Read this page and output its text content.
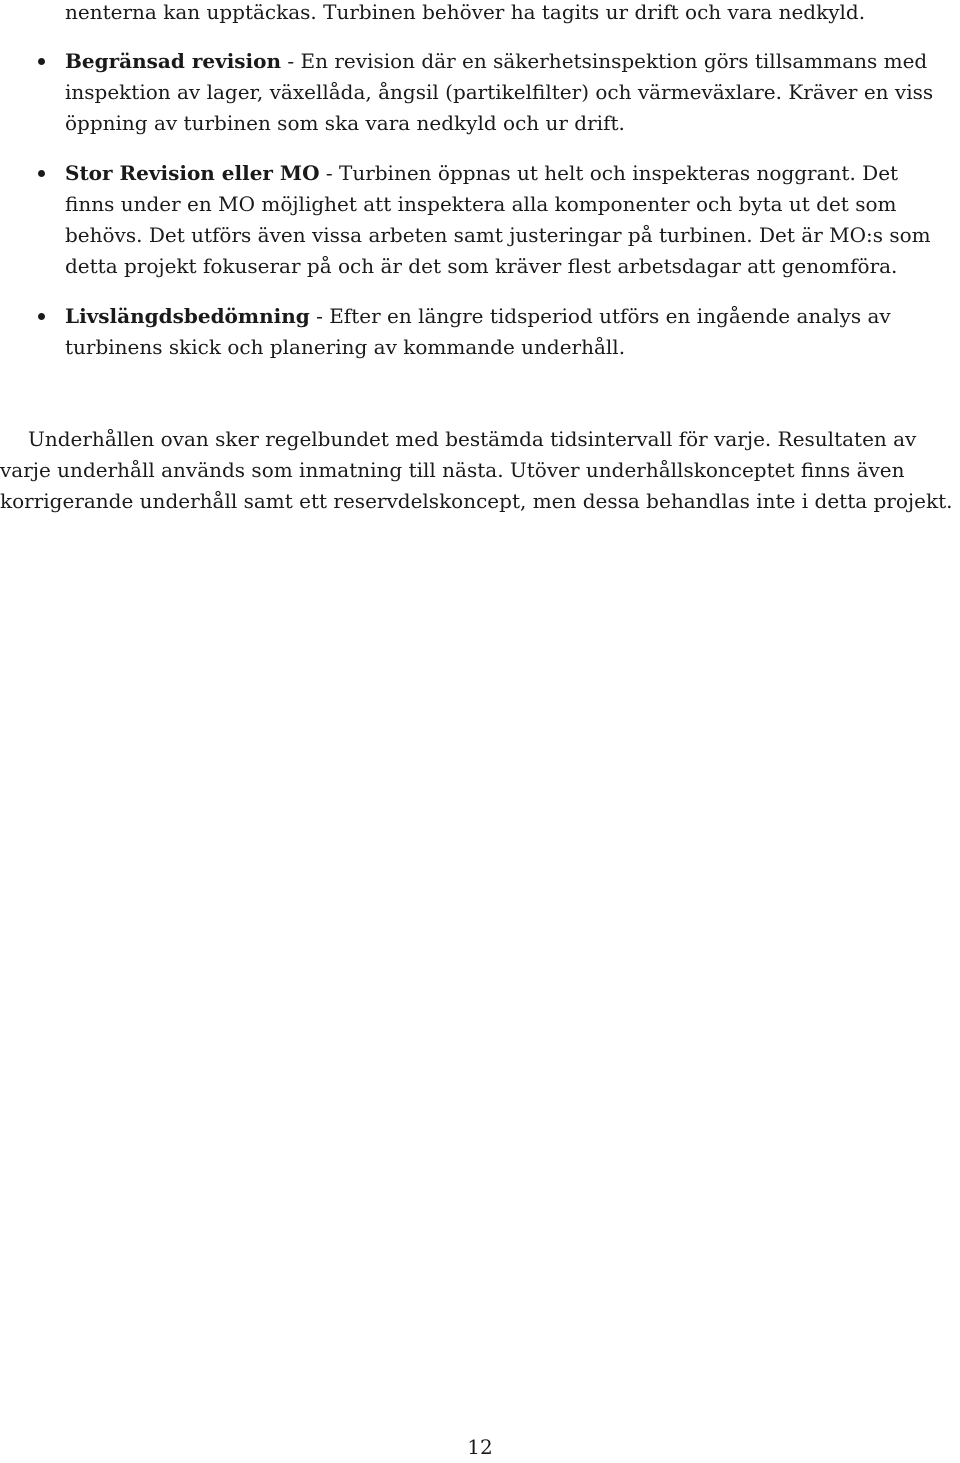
nenterna kan upptäckas. Turbinen behöver ha tagits ur drift och vara nedkyld.

Begränsad revision - En revision där en säkerhetsinspektion görs tillsammans med inspektion av lager, växellåda, ångsil (partikelfilter) och värmeväxlare. Kräver en viss öppning av turbinen som ska vara nedkyld och ur drift.
Stor Revision eller MO - Turbinen öppnas ut helt och inspekteras noggrant. Det finns under en MO möjlighet att inspektera alla komponenter och byta ut det som behövs. Det utförs även vissa arbeten samt justeringar på turbinen. Det är MO:s som detta projekt fokuserar på och är det som kräver flest arbetsdagar att genomföra.
Livslängdsbedömning - Efter en längre tidsperiod utförs en ingående analys av turbinens skick och planering av kommande underhåll.

Underhållen ovan sker regelbundet med bestämda tidsintervall för varje. Resultaten av varje underhåll används som inmatning till nästa. Utöver underhållskonceptet finns även korrigerande underhåll samt ett reservdelskoncept, men dessa behandlas inte i detta projekt.

12
